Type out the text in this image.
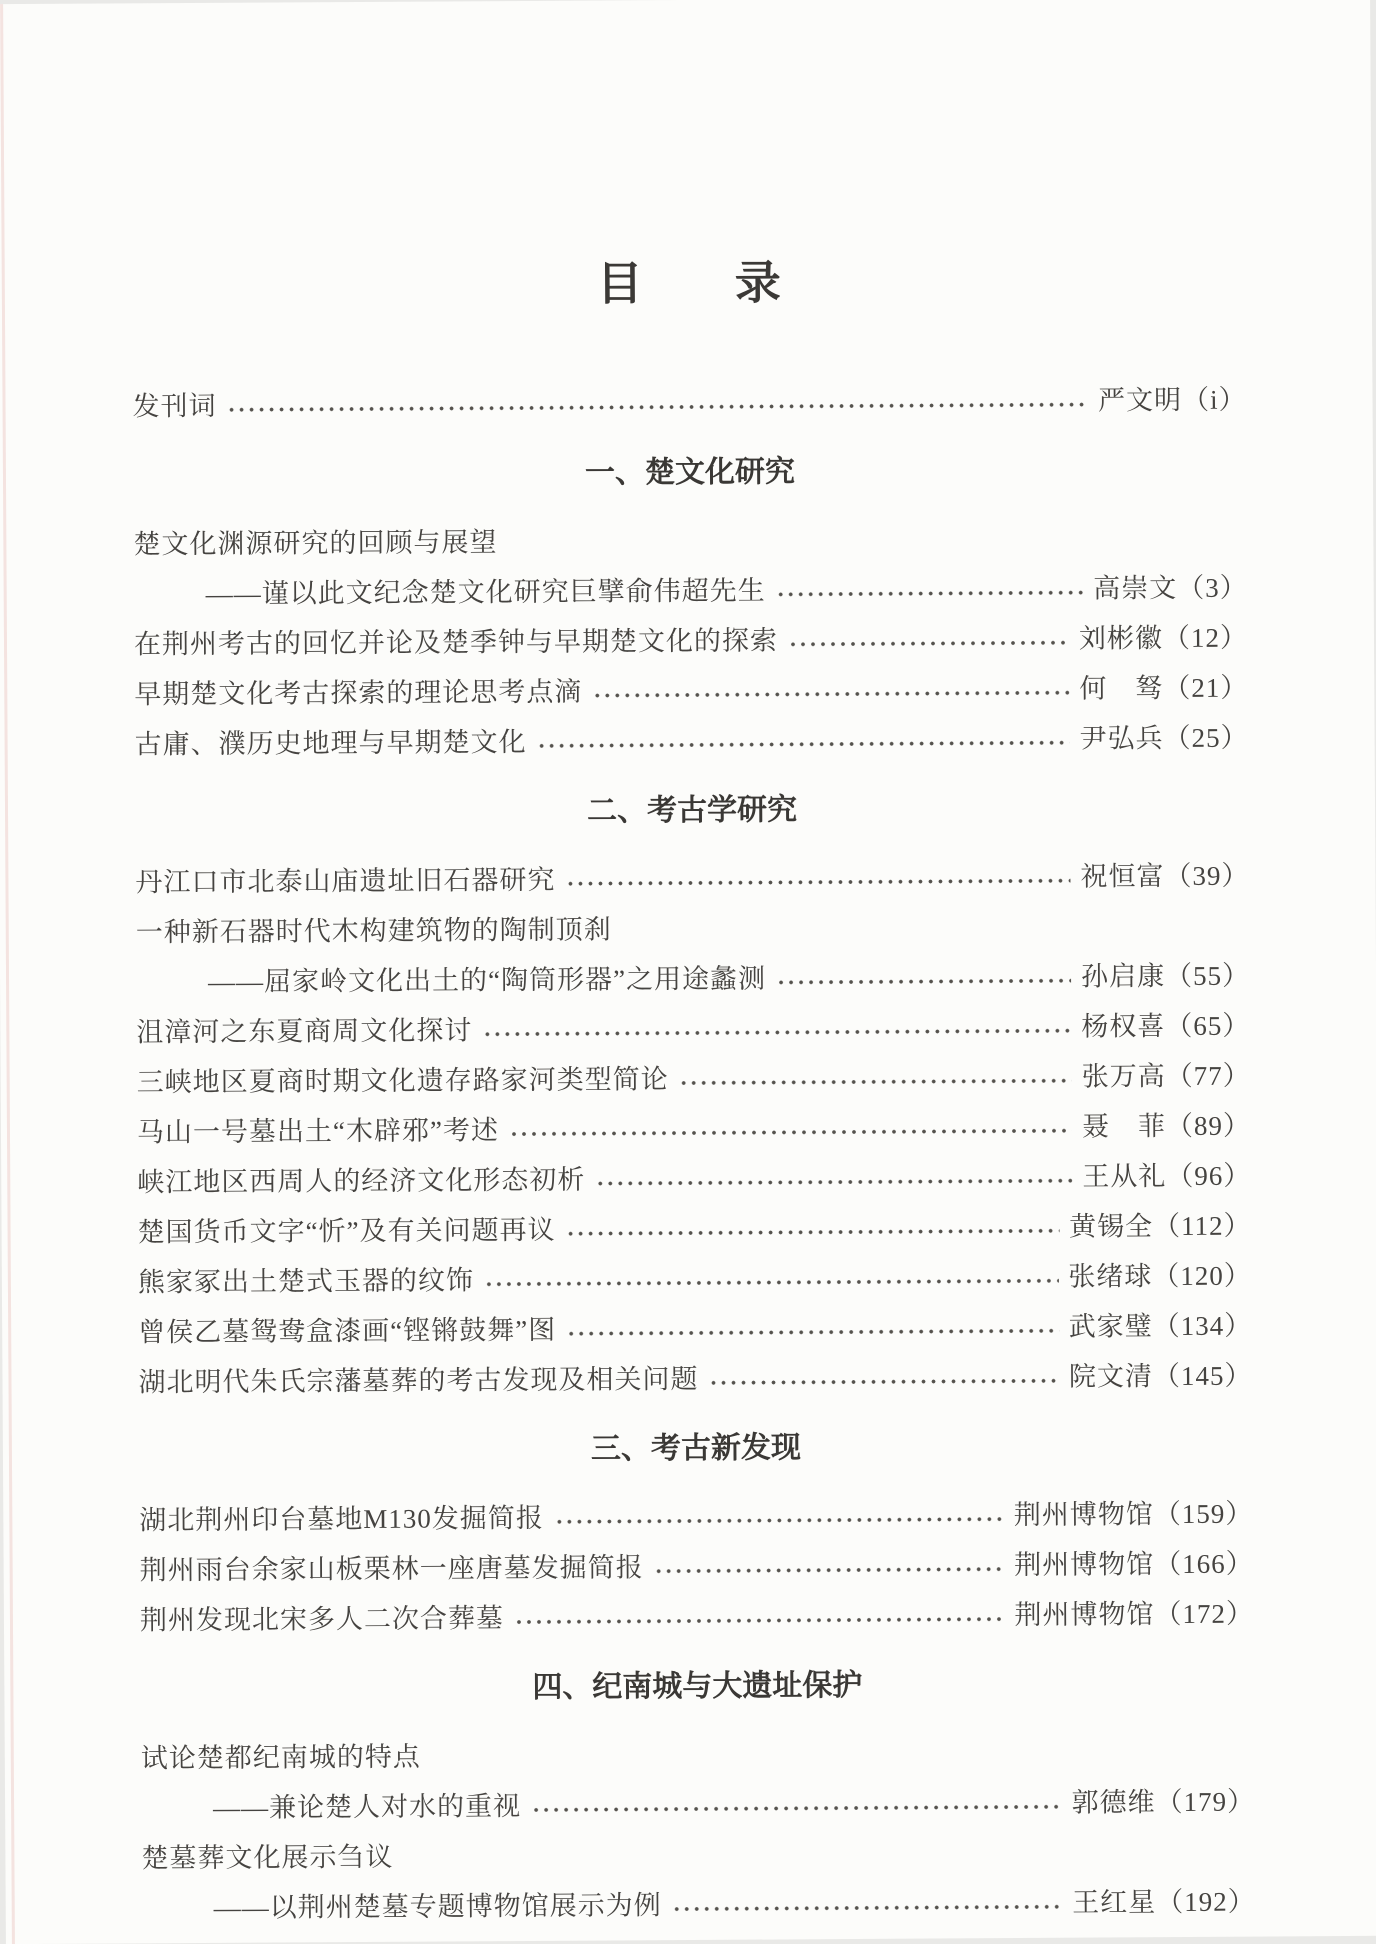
目　　录
发刊词	严文明 （i）
一、楚文化研究
楚文化渊源研究的回顾与展望
——谨以此文纪念楚文化研究巨擘俞伟超先生	高崇文 （3）
在荆州考古的回忆并论及楚季钟与早期楚文化的探索	刘彬徽 （12）
早期楚文化考古探索的理论思考点滴	何　驽 （21）
古庸、濮历史地理与早期楚文化	尹弘兵 （25）
二、考古学研究
丹江口市北泰山庙遗址旧石器研究	祝恒富 （39）
一种新石器时代木构建筑物的陶制顶刹
——屈家岭文化出土的“陶筒形器”之用途蠡测	孙启康 （55）
沮漳河之东夏商周文化探讨	杨权喜 （65）
三峡地区夏商时期文化遗存路家河类型简论	张万高 （77）
马山一号墓出土“木辟邪”考述	聂　菲 （89）
峡江地区西周人的经济文化形态初析	王从礼 （96）
楚国货币文字“忻”及有关问题再议	黄锡全 （112）
熊家冢出土楚式玉器的纹饰	张绪球 （120）
曾侯乙墓鸳鸯盒漆画“铿锵鼓舞”图	武家璧 （134）
湖北明代朱氏宗藩墓葬的考古发现及相关问题	院文清 （145）
三、考古新发现
湖北荆州印台墓地M130发掘简报	荆州博物馆 （159）
荆州雨台余家山板栗林一座唐墓发掘简报	荆州博物馆 （166）
荆州发现北宋多人二次合葬墓	荆州博物馆 （172）
四、纪南城与大遗址保护
试论楚都纪南城的特点
——兼论楚人对水的重视	郭德维 （179）
楚墓葬文化展示刍议
——以荆州楚墓专题博物馆展示为例	王红星 （192）
